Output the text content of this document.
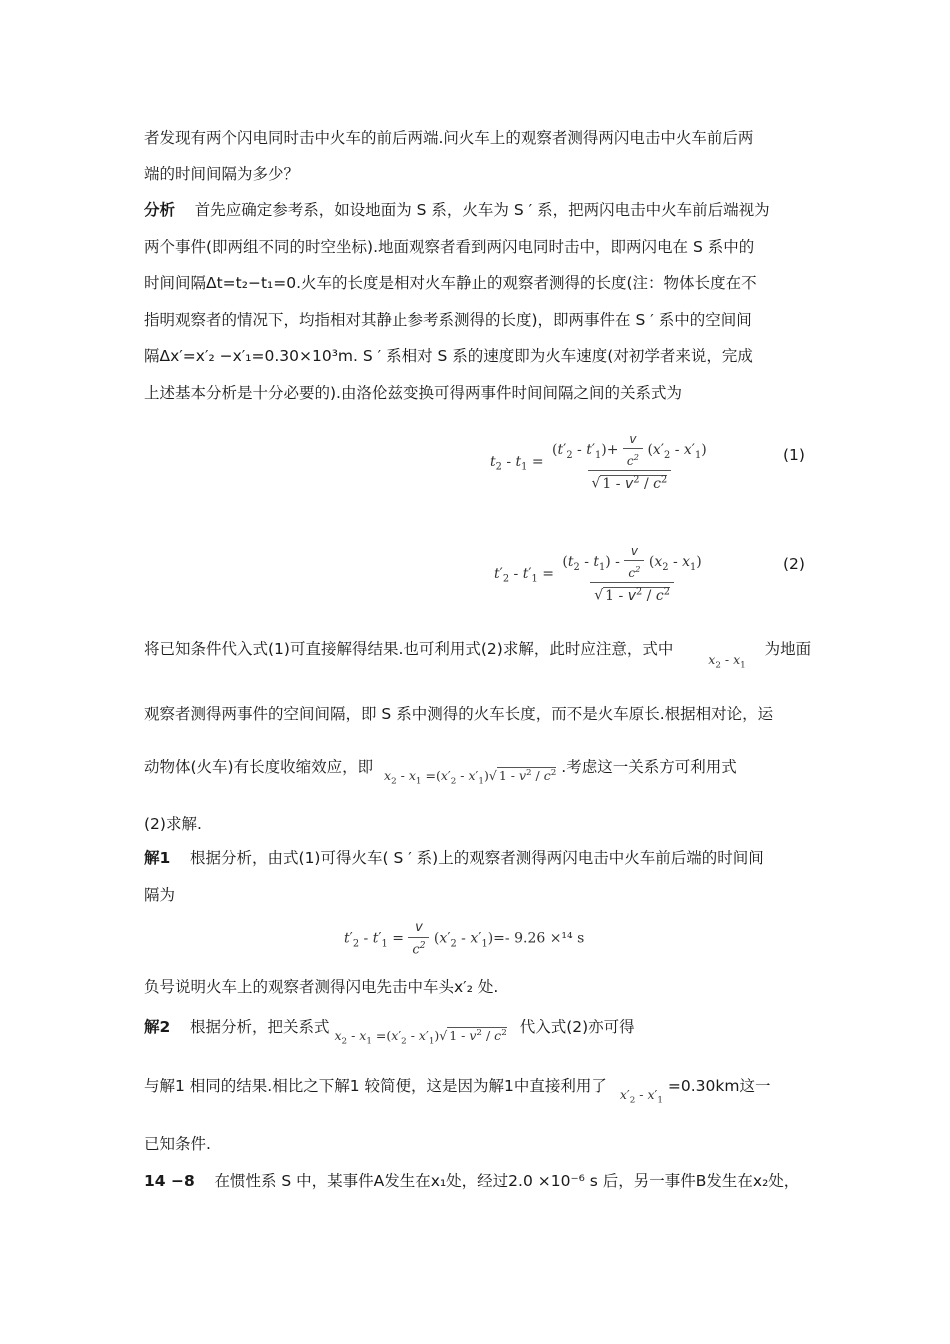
者发现有两个闪电同时击中火车的前后两端.问火车上的观察者测得两闪电击中火车前后两
端的时间间隔为多少？
分析 首先应确定参考系，如设地面为 S 系，火车为 S ′ 系，把两闪电击中火车前后端视为
两个事件(即两组不同的时空坐标).地面观察者看到两闪电同时击中，即两闪电在 S 系中的
时间间隔Δt=t₂−t₁=0.火车的长度是相对火车静止的观察者测得的长度(注：物体长度在不
指明观察者的情况下，均指相对其静止参考系测得的长度)，即两事件在 S ′ 系中的空间间
隔Δx′=x′₂ −x′₁=0.30×10³m. S ′ 系相对 S 系的速度即为火车速度(对初学者来说，完成
上述基本分析是十分必要的).由洛伦兹变换可得两事件时间间隔之间的关系式为
$t_2 - t_1 = \frac{(t'_2 - t'_1)+ \frac{v}{c^2} (x'_2 - x'_1)}{√ 1 - v^2 / c^2}$	(1)
$t'_2 - t'_1 = \frac{(t_2 - t_1) - \frac{v}{c^2} (x_2 - x_1)}{√ 1 - v^2 / c^2}$	(2)
将已知条件代入式(1)可直接解得结果.也可利用式(2)求解，此时应注意，式中 $_{x_2 - x_1}$ 为地面
观察者测得两事件的空间间隔，即 S 系中测得的火车长度，而不是火车原长.根据相对论，运
动物体(火车)有长度收缩效应，即 $_{x_2 - x_1 =(x'_2 - x'_1)√ 1 - v^2 / c^2}$ .考虑这一关系方可利用式
(2)求解.
解1 根据分析，由式(1)可得火车( S ′ 系)上的观察者测得两闪电击中火车前后端的时间间
隔为
$t'_2 - t'_1 = \frac{v}{c^2} (x'_2 - x'_1)=-$ 9.26 ×¹⁴ s
负号说明火车上的观察者测得闪电先击中车头x′₂ 处.
解2 根据分析，把关系式 $_{x_2 - x_1 =(x'_2 - x'_1)√ 1 - v^2 / c^2}$ 代入式(2)亦可得
与解1 相同的结果.相比之下解1 较简便，这是因为解1中直接利用了 $_{x'_2 - x'_1}$ =0.30km这一
已知条件.
14 −8 在惯性系 S 中，某事件A发生在x₁处，经过2.0 ×10⁻⁶ s 后，另一事件B发生在x₂处，
